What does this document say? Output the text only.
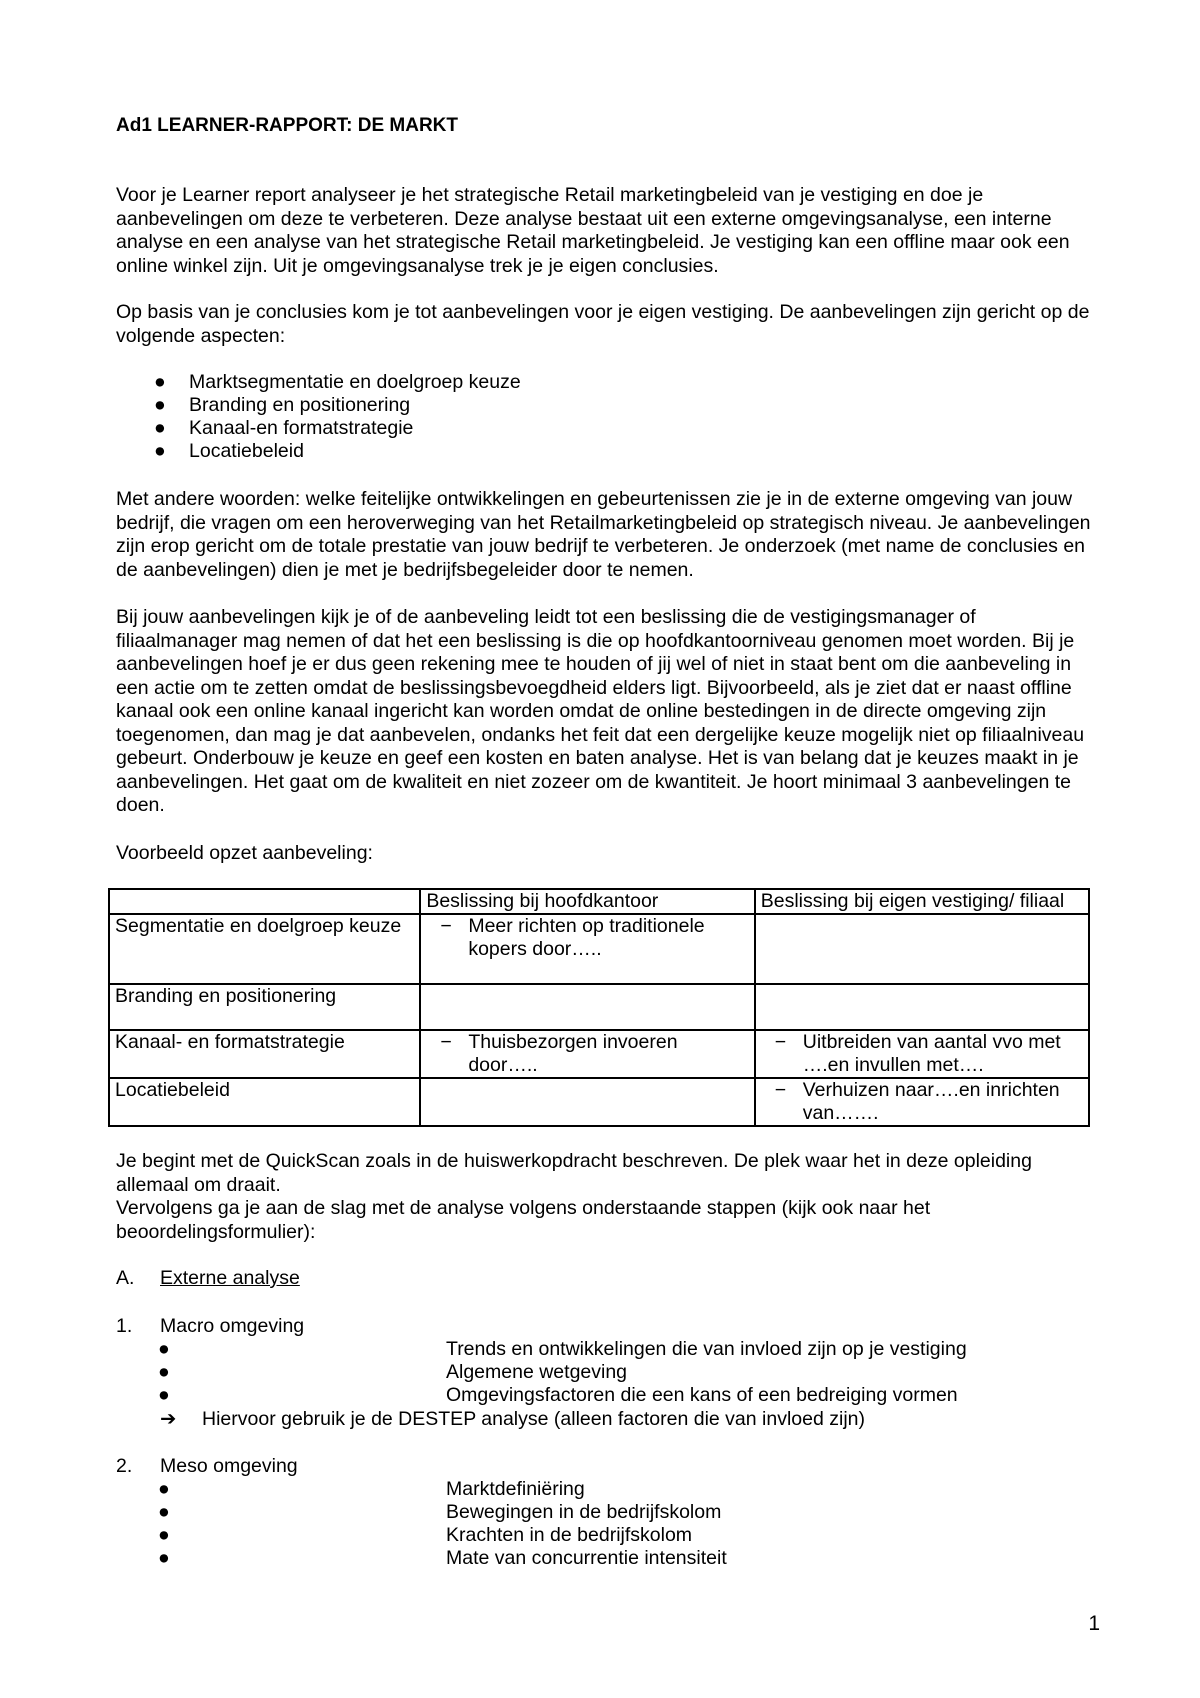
Ad1 LEARNER-RAPPORT: DE MARKT

Voor je Learner report analyseer je het strategische Retail marketingbeleid van je vestiging en doe je aanbevelingen om deze te verbeteren. Deze analyse bestaat uit een externe omgevingsanalyse, een interne analyse en een analyse van het strategische Retail marketingbeleid. Je vestiging kan een offline maar ook een online winkel zijn. Uit je omgevingsanalyse trek je je eigen conclusies.

Op basis van je conclusies kom je tot aanbevelingen voor je eigen vestiging. De aanbevelingen zijn gericht op de volgende aspecten:

●	Marktsegmentatie en doelgroep keuze
●	Branding en positionering
●	Kanaal-en formatstrategie
●	Locatiebeleid

Met andere woorden: welke feitelijke ontwikkelingen en gebeurtenissen zie je in de externe omgeving van jouw bedrijf, die vragen om een heroverweging van het Retailmarketingbeleid op strategisch niveau. Je aanbevelingen zijn erop gericht om de totale prestatie van jouw bedrijf te verbeteren. Je onderzoek (met name de conclusies en de aanbevelingen) dien je met je bedrijfsbegeleider door te nemen.

Bij jouw aanbevelingen kijk je of de aanbeveling leidt tot een beslissing die de vestigingsmanager of filiaalmanager mag nemen of dat het een beslissing is die op hoofdkantoorniveau genomen moet worden. Bij je aanbevelingen hoef je er dus geen rekening mee te houden of jij wel of niet in staat bent om die aanbeveling in een actie om te zetten omdat de beslissingsbevoegdheid elders ligt. Bijvoorbeeld, als je ziet dat er naast offline kanaal ook een online kanaal ingericht kan worden omdat de online bestedingen in de directe omgeving zijn toegenomen, dan mag je dat aanbevelen, ondanks het feit dat een dergelijke keuze mogelijk niet op filiaalniveau gebeurt. Onderbouw je keuze en geef een kosten en baten analyse. Het is van belang dat je keuzes maakt in je aanbevelingen. Het gaat om de kwaliteit en niet zozeer om de kwantiteit. Je hoort minimaal 3 aanbevelingen te doen.

Voorbeeld opzet aanbeveling:

	Beslissing bij hoofdkantoor	Beslissing bij eigen vestiging/ filiaal
Segmentatie en doelgroep keuze	− Meer richten op traditionele kopers door…..	

Branding en positionering		
Kanaal- en formatstrategie	− Thuisbezorgen invoeren door…..	− Uitbreiden van aantal vvo met ….en invullen met….

Locatiebeleid		− Verhuizen naar….en inrichten van…….

Je begint met de QuickScan zoals in de huiswerkopdracht beschreven. De plek waar het in deze opleiding allemaal om draait.

Vervolgens ga je aan de slag met de analyse volgens onderstaande stappen (kijk ook naar het beoordelingsformulier):

A. Externe analyse
1. Macro omgeving
●	Trends en ontwikkelingen die van invloed zijn op je vestiging
●	Algemene wetgeving
●	Omgevingsfactoren die een kans of een bedreiging vormen
➔ Hiervoor gebruik je de DESTEP analyse (alleen factoren die van invloed zijn)
2. Meso omgeving
●	Marktdefiniëring
●	Bewegingen in de bedrijfskolom
●	Krachten in de bedrijfskolom
●	Mate van concurrentie intensiteit
1
